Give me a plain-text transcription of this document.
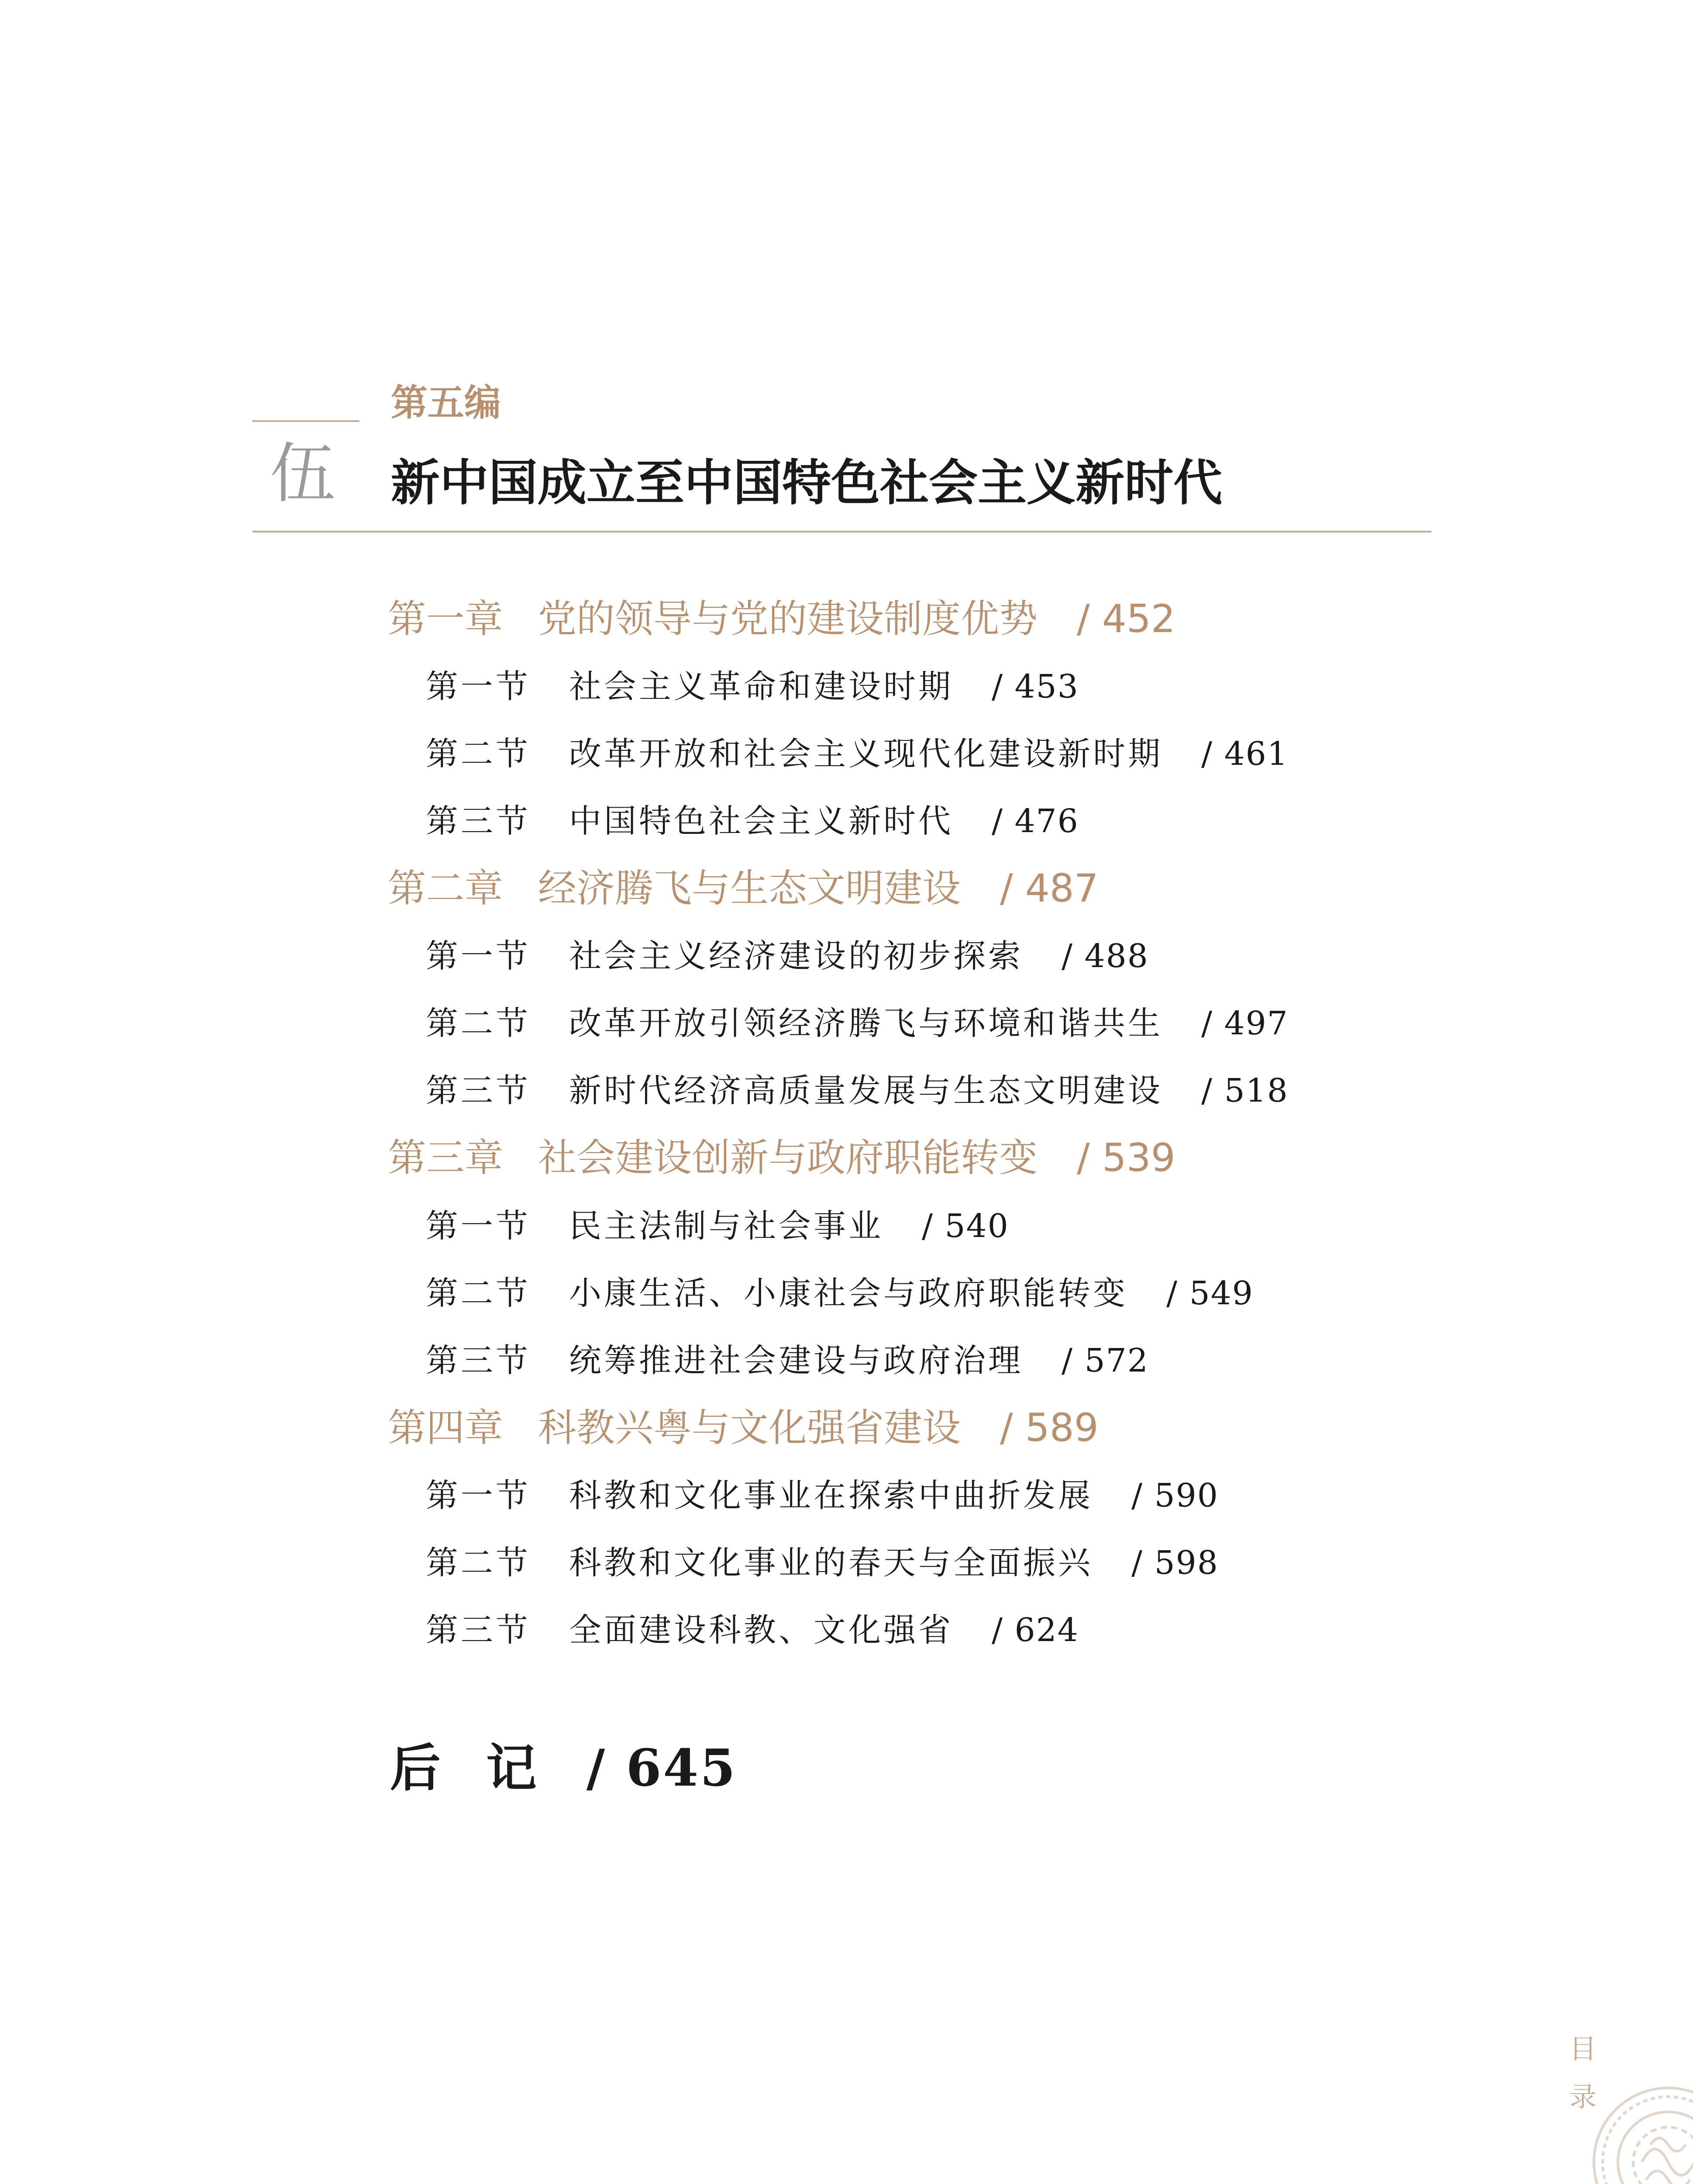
第五编
伍 新中国成立至中国特色社会主义新时代
第一章 党的领导与党的建设制度优势 / 452
第一节 社会主义革命和建设时期 / 453
第二节 改革开放和社会主义现代化建设新时期 / 461
第三节 中国特色社会主义新时代 / 476
第二章 经济腾飞与生态文明建设 / 487
第一节 社会主义经济建设的初步探索 / 488
第二节 改革开放引领经济腾飞与环境和谐共生 / 497
第三节 新时代经济高质量发展与生态文明建设 / 518
第三章 社会建设创新与政府职能转变 / 539
第一节 民主法制与社会事业 / 540
第二节 小康生活、小康社会与政府职能转变 / 549
第三节 统筹推进社会建设与政府治理 / 572
第四章 科教兴粤与文化强省建设 / 589
第一节 科教和文化事业在探索中曲折发展 / 590
第二节 科教和文化事业的春天与全面振兴 / 598
第三节 全面建设科教、文化强省 / 624
后 记 / 645
目
录
